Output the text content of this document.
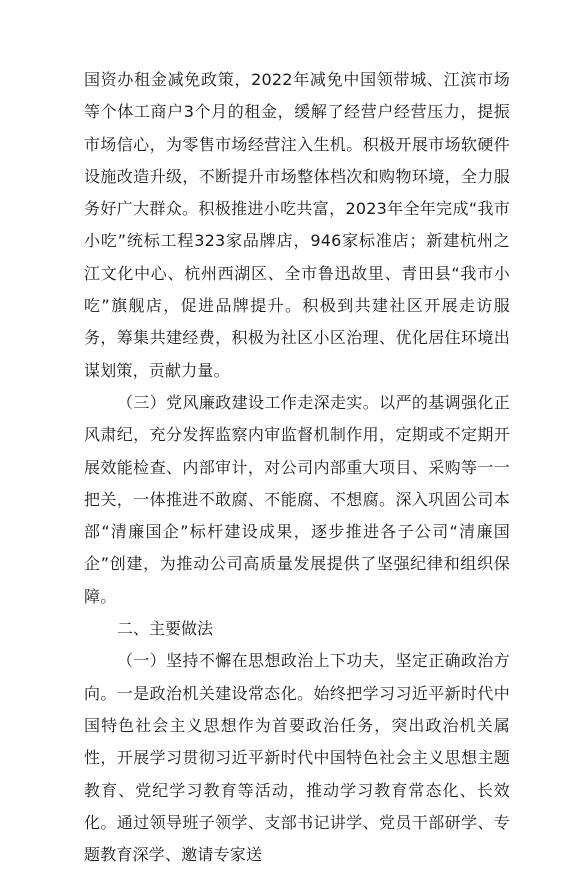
国资办租金减免政策，2022年减免中国领带城、江滨市场等个体工商户3个月的租金，缓解了经营户经营压力，提振市场信心，为零售市场经营注入生机。积极开展市场软硬件设施改造升级，不断提升市场整体档次和购物环境，全力服务好广大群众。积极推进小吃共富，2023年全年完成“我市小吃”统标工程323家品牌店，946家标准店；新建杭州之江文化中心、杭州西湖区、全市鲁迅故里、青田县“我市小吃”旗舰店，促进品牌提升。积极到共建社区开展走访服务，筹集共建经费，积极为社区小区治理、优化居住环境出谋划策，贡献力量。

（三）党风廉政建设工作走深走实。以严的基调强化正风肃纪，充分发挥监察内审监督机制作用，定期或不定期开展效能检查、内部审计，对公司内部重大项目、采购等一一把关，一体推进不敢腐、不能腐、不想腐。深入巩固公司本部“清廉国企”标杆建设成果，逐步推进各子公司“清廉国企”创建，为推动公司高质量发展提供了坚强纪律和组织保障。

二、主要做法

（一）坚持不懈在思想政治上下功夫，坚定正确政治方向。一是政治机关建设常态化。始终把学习习近平新时代中国特色社会主义思想作为首要政治任务，突出政治机关属性，开展学习贯彻习近平新时代中国特色社会主义思想主题教育、党纪学习教育等活动，推动学习教育常态化、长效化。通过领导班子领学、支部书记讲学、党员干部研学、专题教育深学、邀请专家送
